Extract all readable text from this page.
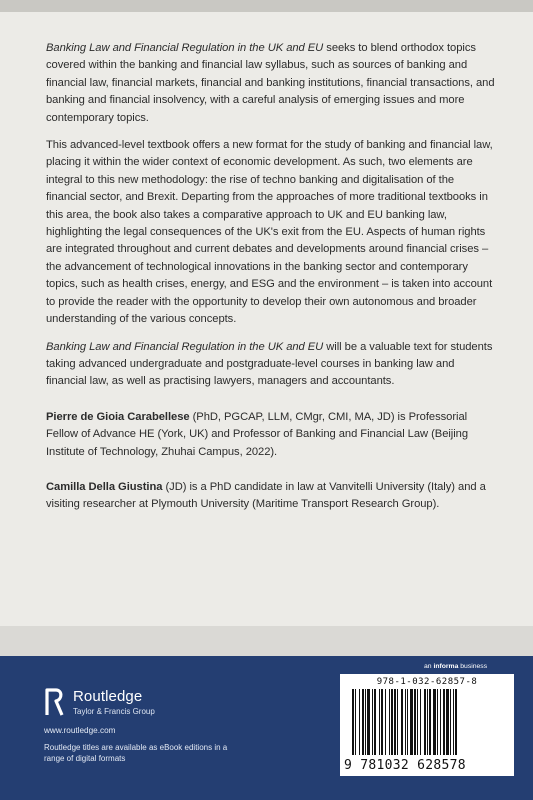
Banking Law and Financial Regulation in the UK and EU seeks to blend orthodox topics covered within the banking and financial law syllabus, such as sources of banking and financial law, financial markets, financial and banking institutions, financial transactions, and banking and financial insolvency, with a careful analysis of emerging issues and more contemporary topics.

This advanced-level textbook offers a new format for the study of banking and financial law, placing it within the wider context of economic development. As such, two elements are integral to this new methodology: the rise of techno banking and digitalisation of the financial sector, and Brexit. Departing from the approaches of more traditional textbooks in this area, the book also takes a comparative approach to UK and EU banking law, highlighting the legal consequences of the UK's exit from the EU. Aspects of human rights are integrated throughout and current debates and developments around financial crises – the advancement of technological innovations in the banking sector and contemporary topics, such as health crises, energy, and ESG and the environment – is taken into account to provide the reader with the opportunity to develop their own autonomous and broader understanding of the various concepts.

Banking Law and Financial Regulation in the UK and EU will be a valuable text for students taking advanced undergraduate and postgraduate-level courses in banking law and financial law, as well as practising lawyers, managers and accountants.

Pierre de Gioia Carabellese (PhD, PGCAP, LLM, CMgr, CMI, MA, JD) is Professorial Fellow of Advance HE (York, UK) and Professor of Banking and Financial Law (Beijing Institute of Technology, Zhuhai Campus, 2022).

Camilla Della Giustina (JD) is a PhD candidate in law at Vanvitelli University (Italy) and a visiting researcher at Plymouth University (Maritime Transport Research Group).

an informa business
Routledge
Taylor & Francis Group
www.routledge.com
Routledge titles are available as eBook editions in a range of digital formats
978-1-032-62857-8
9 781032 628578
